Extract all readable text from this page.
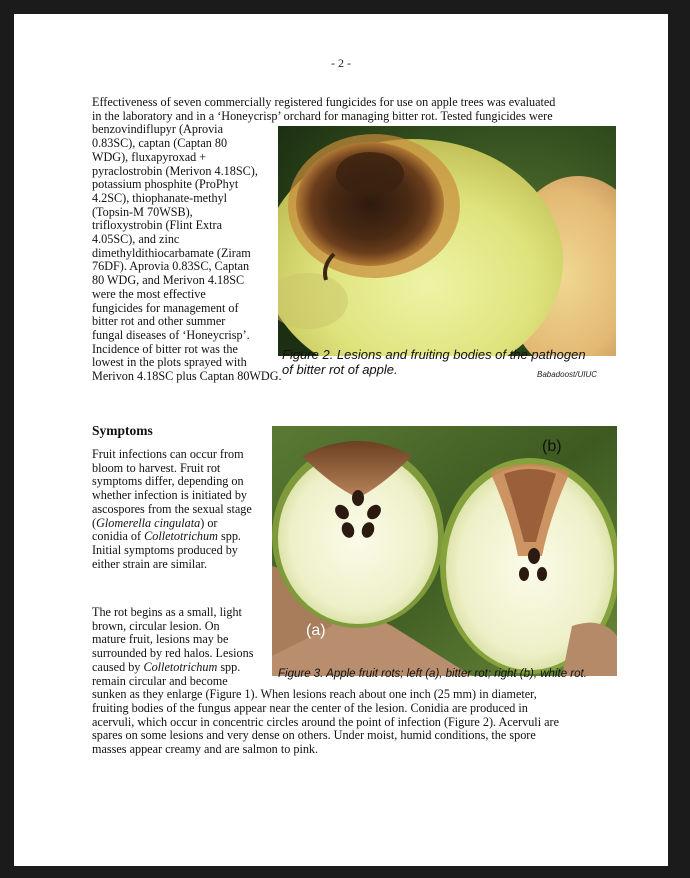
- 2 -

Effectiveness of seven commercially registered fungicides for use on apple trees was evaluated
in the laboratory and in a ‘Honeycrisp’ orchard for managing bitter rot. Tested fungicides were
benzovindiflupyr (Aprovia
0.83SC), captan (Captan 80
WDG), fluxapyroxad +
pyraclostrobin (Merivon 4.18SC),
potassium phosphite (ProPhyt
4.2SC), thiophanate-methyl
(Topsin-M 70WSB),
trifloxystrobin (Flint Extra
4.05SC), and zinc
dimethyldithiocarbamate (Ziram
76DF). Aprovia 0.83SC, Captan
80 WDG, and Merivon 4.18SC
were the most effective
fungicides for management of
bitter rot and other summer
fungal diseases of ‘Honeycrisp’.
Incidence of bitter rot was the
lowest in the plots sprayed with
Merivon 4.18SC plus Captan 80WDG.

Figure 2. Lesions and fruiting bodies of the pathogen
of bitter rot of apple.	Babadoost/UIUC
Symptoms

Fruit infections can occur from
bloom to harvest. Fruit rot
symptoms differ, depending on
whether infection is initiated by
ascospores from the sexual stage
(Glomerella cingulata) or
conidia of Colletotrichum spp.
Initial symptoms produced by
either strain are similar.

The rot begins as a small, light
brown, circular lesion. On
mature fruit, lesions may be
surrounded by red halos. Lesions
caused by Colletotrichum spp.
remain circular and become
sunken as they enlarge (Figure 1). When lesions reach about one inch (25 mm) in diameter,
fruiting bodies of the fungus appear near the center of the lesion. Conidia are produced in
acervuli, which occur in concentric circles around the point of infection (Figure 2). Acervuli are
spares on some lesions and very dense on others. Under moist, humid conditions, the spore
masses appear creamy and are salmon to pink.

(b)
(a)
Figure 3. Apple fruit rots; left (a), bitter rot; right (b), white rot.
